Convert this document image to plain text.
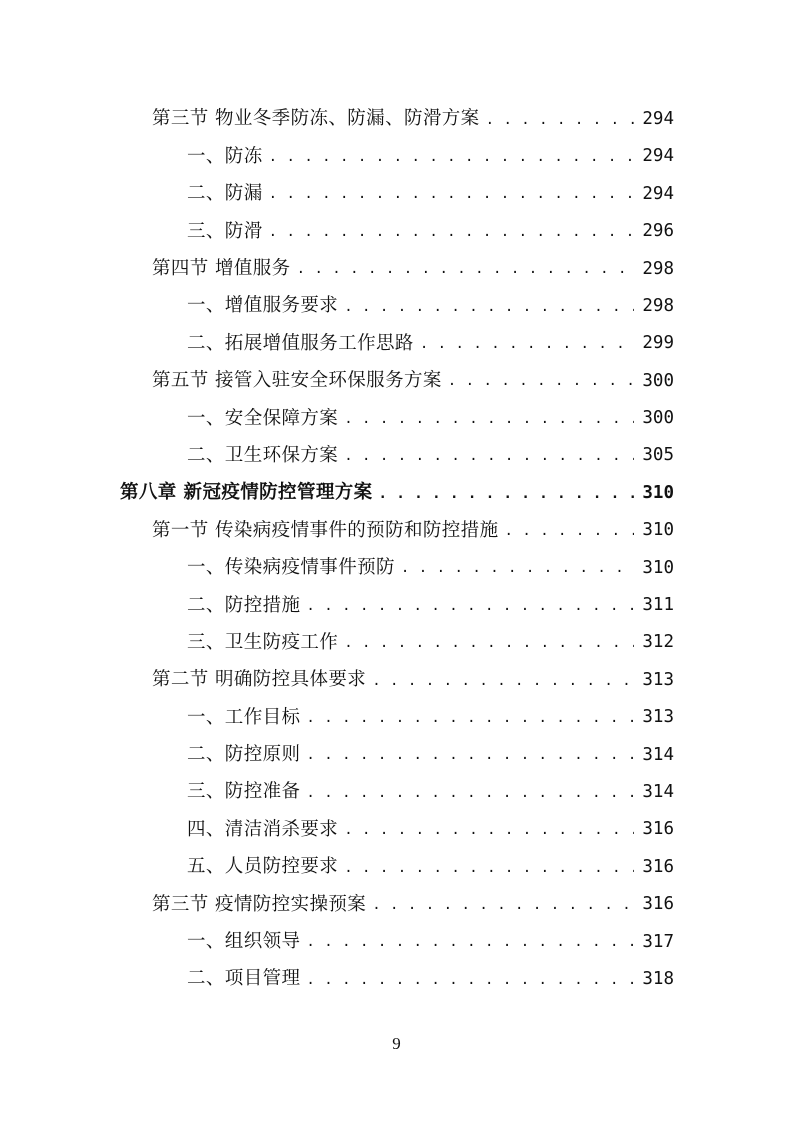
第三节 物业冬季防冻、防漏、防滑方案 . . .	294
一、防冻 . . .	294
二、防漏 . . .	294
三、防滑 . . .	296
第四节 增值服务 . . .	298
一、增值服务要求 . . .	298
二、拓展增值服务工作思路 . . .	299
第五节 接管入驻安全环保服务方案 . . .	300
一、安全保障方案 . . .	300
二、卫生环保方案 . . .	305
第八章 新冠疫情防控管理方案 . . .	310
第一节 传染病疫情事件的预防和防控措施 . . .	310
一、传染病疫情事件预防 . . .	310
二、防控措施 . . .	311
三、卫生防疫工作 . . .	312
第二节 明确防控具体要求 . . .	313
一、工作目标 . . .	313
二、防控原则 . . .	314
三、防控准备 . . .	314
四、清洁消杀要求 . . .	316
五、人员防控要求 . . .	316
第三节 疫情防控实操预案 . . .	316
一、组织领导 . . .	317
二、项目管理 . . .	318
9
